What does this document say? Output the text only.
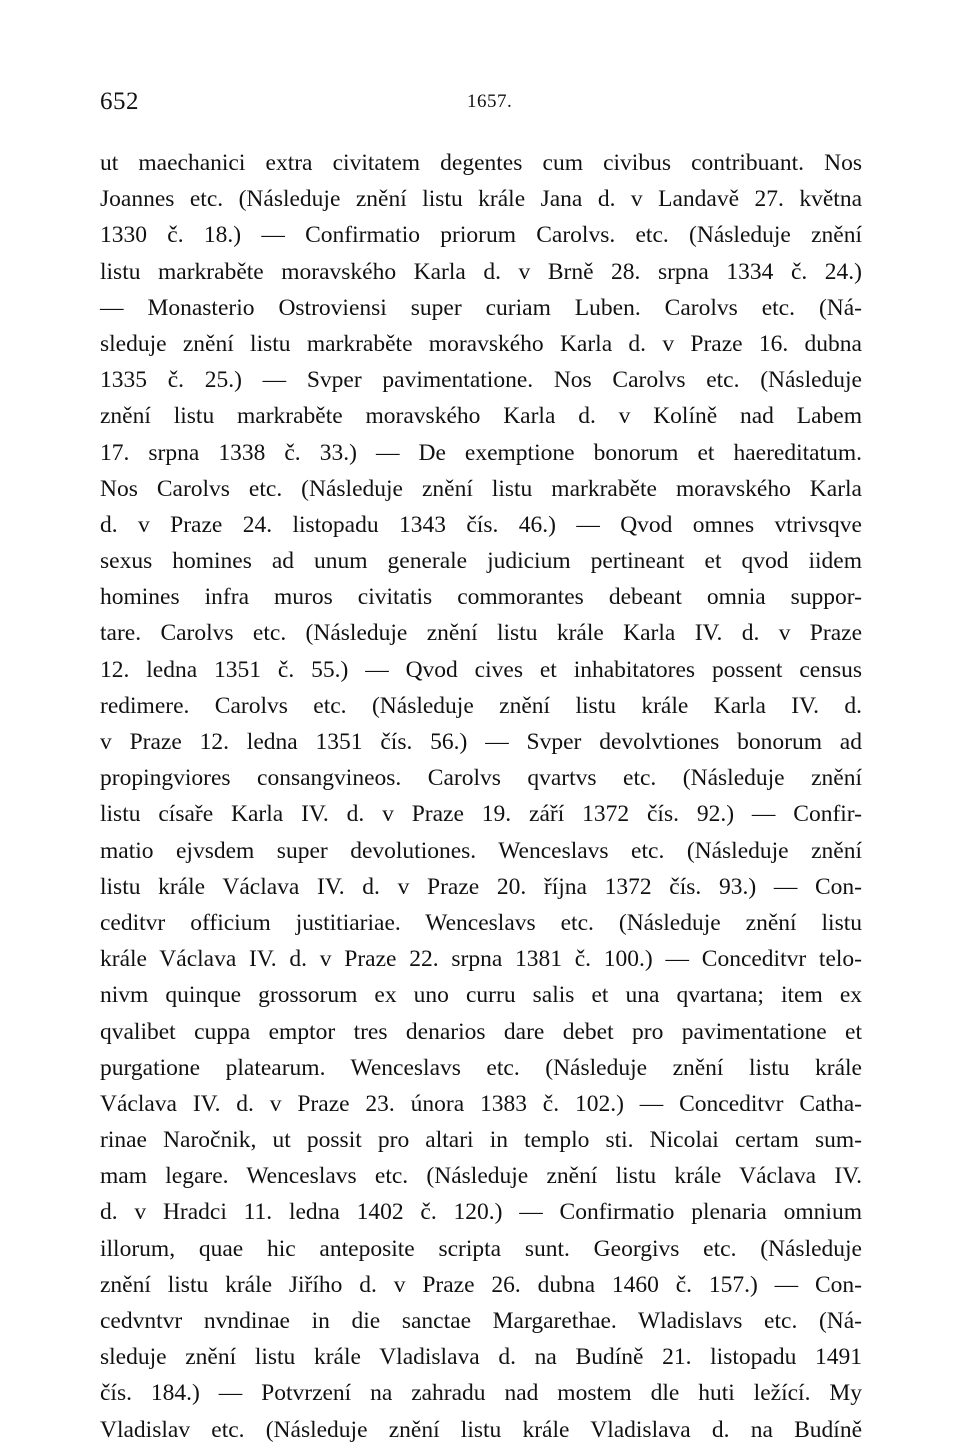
652	1657.
ut maechanici extra civitatem degentes cum civibus contribuant. Nos
Joannes etc. (Následuje znění listu krále Jana d. v Landavě 27. května
1330 č. 18.) — Confirmatio priorum Carolvs. etc. (Následuje znění
listu markraběte moravského Karla d. v Brně 28. srpna 1334 č. 24.)
— Monasterio Ostroviensi super curiam Luben. Carolvs etc. (Ná-
sleduje znění listu markraběte moravského Karla d. v Praze 16. dubna
1335 č. 25.) — Svper pavimentatione. Nos Carolvs etc. (Následuje
znění listu markraběte moravského Karla d. v Kolíně nad Labem
17. srpna 1338 č. 33.) — De exemptione bonorum et haereditatum.
Nos Carolvs etc. (Následuje znění listu markraběte moravského Karla
d. v Praze 24. listopadu 1343 čís. 46.) — Qvod omnes vtrivsqve
sexus homines ad unum generale judicium pertineant et qvod iidem
homines infra muros civitatis commorantes debeant omnia suppor-
tare. Carolvs etc. (Následuje znění listu krále Karla IV. d. v Praze
12. ledna 1351 č. 55.) — Qvod cives et inhabitatores possent census
redimere. Carolvs etc. (Následuje znění listu krále Karla IV. d.
v Praze 12. ledna 1351 čís. 56.) — Svper devolvtiones bonorum ad
propingviores consangvineos. Carolvs qvartvs etc. (Následuje znění
listu císaře Karla IV. d. v Praze 19. září 1372 čís. 92.) — Confir-
matio ejvsdem super devolutiones. Wenceslavs etc. (Následuje znění
listu krále Václava IV. d. v Praze 20. října 1372 čís. 93.) — Con-
ceditvr officium justitiariae. Wenceslavs etc. (Následuje znění listu
krále Václava IV. d. v Praze 22. srpna 1381 č. 100.) — Conceditvr telo-
nivm quinque grossorum ex uno curru salis et una qvartana; item ex
qvalibet cuppa emptor tres denarios dare debet pro pavimentatione et
purgatione platearum. Wenceslavs etc. (Následuje znění listu krále
Václava IV. d. v Praze 23. února 1383 č. 102.) — Conceditvr Catha-
rinae Naročnik, ut possit pro altari in templo sti. Nicolai certam sum-
mam legare. Wenceslavs etc. (Následuje znění listu krále Václava IV.
d. v Hradci 11. ledna 1402 č. 120.) — Confirmatio plenaria omnium
illorum, quae hic anteposite scripta sunt. Georgivs etc. (Následuje
znění listu krále Jiřího d. v Praze 26. dubna 1460 č. 157.) — Con-
cedvntvr nvndinae in die sanctae Margarethae. Wladislavs etc. (Ná-
sleduje znění listu krále Vladislava d. na Budíně 21. listopadu 1491
čís. 184.) — Potvrzení na zahradu nad mostem dle huti ležící. My
Vladislav etc. (Následuje znění listu krále Vladislava d. na Budíně
